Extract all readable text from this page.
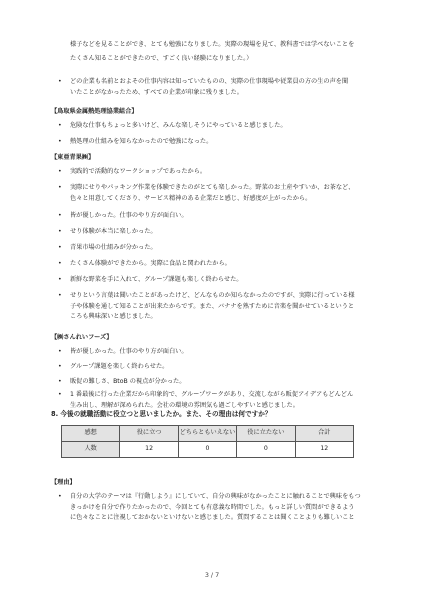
様子などを見ることができ、とても勉強になりました。実際の現場を見て、教科書では学べないことを

たくさん知ることができたので、すごく良い経験になりました。）

• どの企業も名前とおよその仕事内容は知っていたものの、実際の仕事現場や従業員の方の生の声を聞
いたことがなかったため、すべての企業が印象に残りました。

【鳥取県金属熱処理協業組合】

• 危険な仕事もちょっと多いけど、みんな楽しそうにやっていると感じました。
• 熱処理の仕組みを知らなかったので勉強になった。

【東亜青果㈱】

• 実践的で活動的なワークショップであったから。
• 実際にせりやパッキング作業を体験できたのがとても楽しかった。野菜のお土産やすいか、お茶など、
色々と用意してくださり、サービス精神のある企業だと感じ、好感度が上がったから。
• 皆が優しかった。仕事のやり方が面白い。
• せり体験が本当に楽しかった。
• 青果市場の仕組みが分かった。
• たくさん体験ができたから。実際に食品と関われたから。
• 新鮮な野菜を手に入れて、グループ課題も楽しく終わらせた。
• せりという言葉は聞いたことがあったけど、どんなものか知らなかったのですが、実際に行っている様
子や体験を通して知ることが出来たからです。また、バナナを熟すために音楽を聞かせているというと
ころも興味深いと感じました。

【㈱さんれいフーズ】

• 皆が優しかった。仕事のやり方が面白い。
• グループ課題を楽しく終わらせた。
• 販促の難しさ、BtoB の視点が分かった。
• 1 番最後に行った企業だから印象的で、グループワークがあり、交流しながら販促アイデアもどんどん
生み出し、理解が深められた。会社の環境の雰囲気も過ごしやすいと感じました。

8. 今後の就職活動に役立つと思いましたか。また、その理由は何ですか？

感想	役に立つ	どちらともいえない	役に立たない	合計
人数	12	0	0	12

【理由】

• 自分の大学のテーマは『行動しよう』にしていて、自分の興味がなかったことに触れることで興味をもつ
きっかけを自分で作りたかったので、今回とても有意義な時間でした。もっと詳しい質問ができるよう
に色々なことに注視しておかないといけないと感じました。質問することは聞くことよりも難しいこと
3 / 7
